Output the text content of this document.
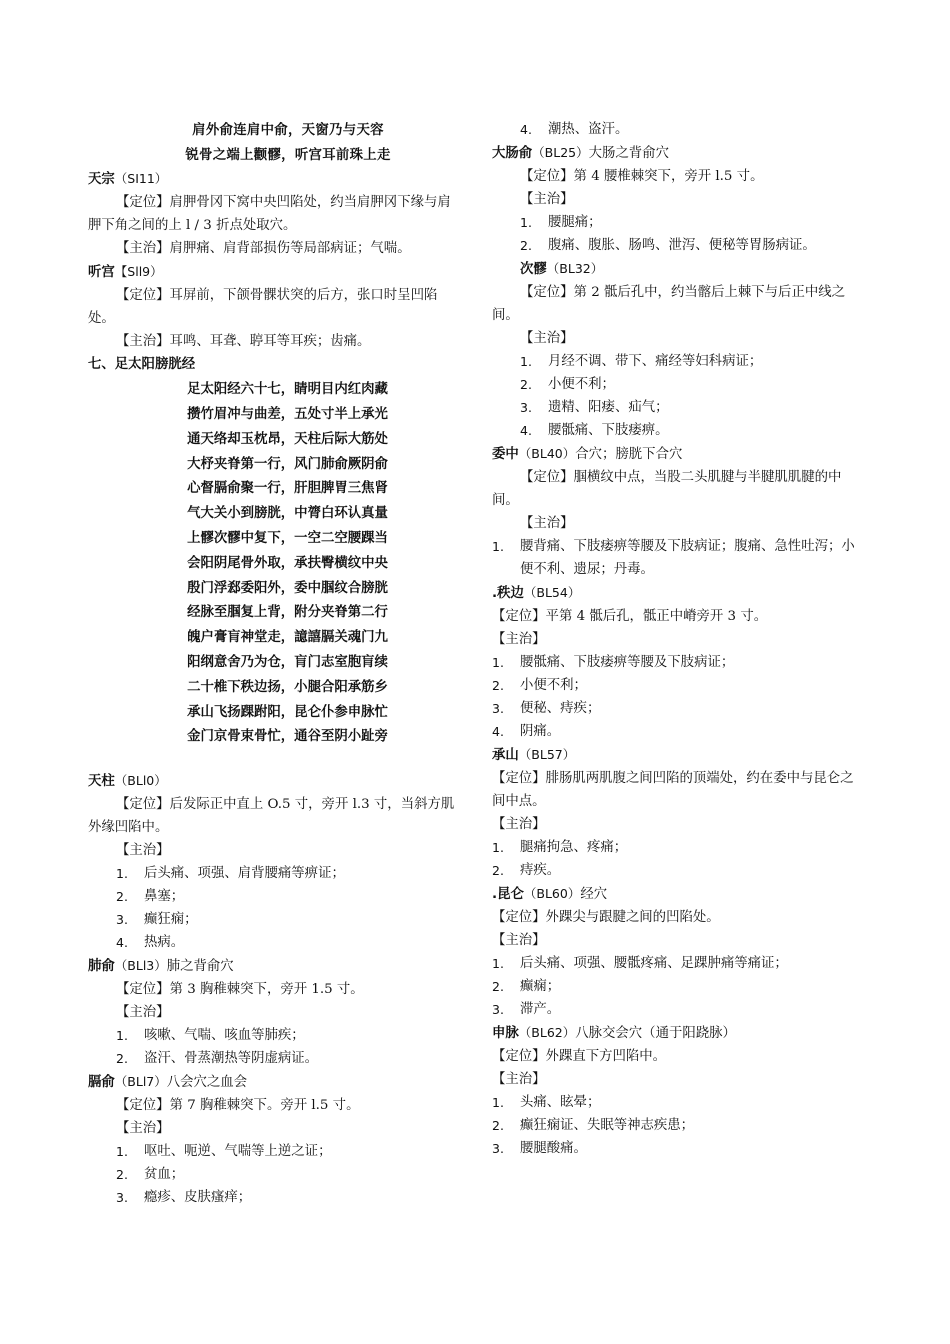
肩外俞连肩中俞，天窗乃与天容
锐骨之端上颧髎，听宫耳前珠上走
天宗（SI11）

【定位】肩胛骨冈下窝中央凹陷处，约当肩胛冈下缘与肩胛下角之间的上 l / 3 折点处取穴。

【主治】肩胛痛、肩背部损伤等局部病证；气喘。

听宫【Sll9）

【定位】耳屏前，下颌骨髁状突的后方，张口时呈凹陷处。

【主治】耳鸣、耳聋、聤耳等耳疾；齿痛。

七、足太阳膀胱经
足太阳经六十七，睛明目内红肉藏
攒竹眉冲与曲差，五处寸半上承光
通天络却玉枕昂，天柱后际大筋处
大杼夹脊第一行，风门肺俞厥阴俞
心督膈俞聚一行，肝胆脾胃三焦肾
气大关小到膀胱，中膂白环认真量
上髎次髎中复下，一空二空腰踝当
会阳阴尾骨外取，承扶臀横纹中央
殷门浮郄委阳外，委中腘纹合膀胱
经脉至腘复上背，附分夹脊第二行
魄户膏肓神堂走，譩譆膈关魂门九
阳纲意舍乃为仓，肓门志室胞肓续
二十椎下秩边扬，小腿合阳承筋乡
承山飞扬踝跗阳，昆仑仆参申脉忙
金门京骨束骨忙，通谷至阴小趾旁
天柱（BLl0）

【定位】后发际正中直上 O.5 寸，旁开 l.3 寸，当斜方肌外缘凹陷中。

【主治】
1. 后头痛、项强、肩背腰痛等痹证；
2. 鼻塞；
3. 癫狂痫；
4. 热病。
肺俞（BLl3）肺之背俞穴

【定位】第 3 胸稚棘突下，旁开 1.5 寸。

【主治】
1. 咳嗽、气喘、咳血等肺疾；
2. 盗汗、骨蒸潮热等阴虚病证。
膈俞（BLl7）八会穴之血会

【定位】第 7 胸稚棘突下。旁开 l.5 寸。

【主治】
1. 呕吐、呃逆、气喘等上逆之证；
2. 贫血；
3. 瘾疹、皮肤瘙痒；
4. 潮热、盗汗。
大肠俞（BL25）大肠之背俞穴

【定位】第 4 腰椎棘突下，旁开 l.5 寸。

【主治】
1. 腰腿痛；
2. 腹痛、腹胀、肠鸣、泄泻、便秘等胃肠病证。
次髎（BL32）

【定位】第 2 骶后孔中，约当髂后上棘下与后正中线之间。

【主治】
1. 月经不调、带下、痛经等妇科病证；
2. 小便不利；
3. 遗精、阳痿、疝气；
4. 腰骶痛、下肢痿痹。
委中（BL40）合穴；膀胱下合穴

【定位】腘横纹中点，当股二头肌腱与半腱肌肌腱的中间。

【主治】
1. 腰背痛、下肢痿痹等腰及下肢病证；腹痛、急性吐泻；小便不利、遗尿；丹毒。
.秩边（BL54）

【定位】平第 4 骶后孔，骶正中嵴旁开 3 寸。

【主治】
1. 腰骶痛、下肢痿痹等腰及下肢病证；
2. 小便不利；
3. 便秘、痔疾；
4. 阴痛。
承山（BL57）

【定位】腓肠肌两肌腹之间凹陷的顶端处，约在委中与昆仑之间中点。

【主治】
1. 腿痛拘急、疼痛；
2. 痔疾。
.昆仑（BL60）经穴

【定位】外踝尖与跟腱之间的凹陷处。

【主治】
1. 后头痛、项强、腰骶疼痛、足踝肿痛等痛证；
2. 癫痫；
3. 滞产。
申脉（BL62）八脉交会穴（通于阳跷脉）

【定位】外踝直下方凹陷中。

【主治】
1. 头痛、眩晕；
2. 癫狂痫证、失眠等神志疾患；
3. 腰腿酸痛。
